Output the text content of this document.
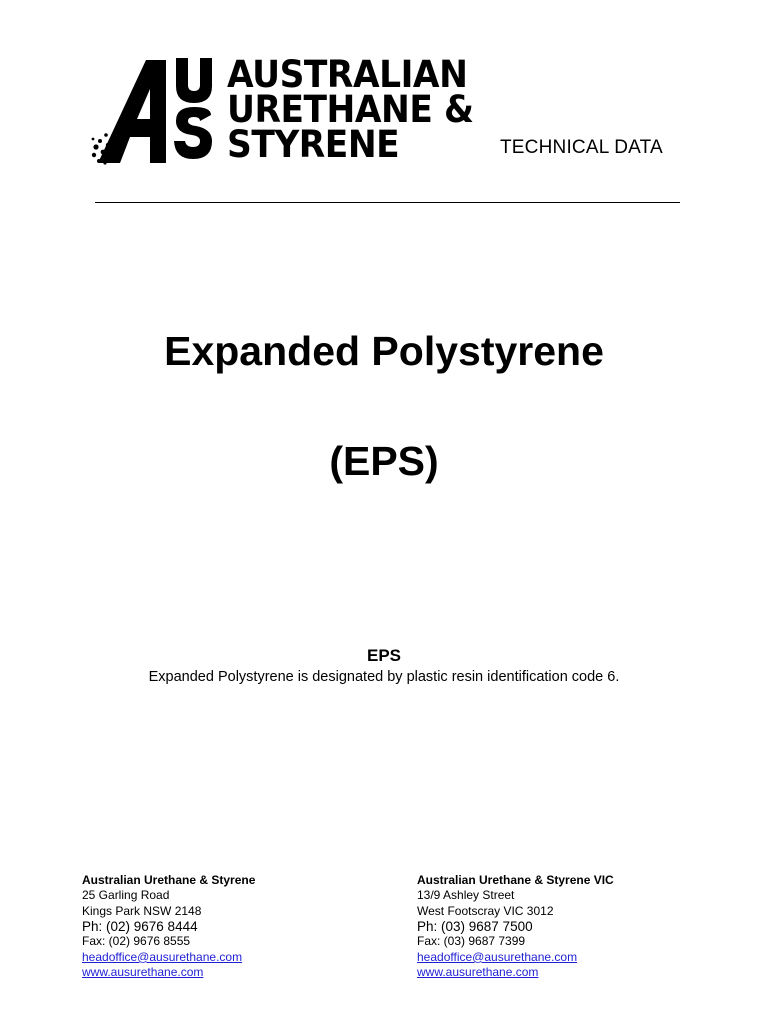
AUSTRALIAN
URETHANE &
STYRENE	TECHNICAL DATA
Expanded Polystyrene
(EPS)
EPS
Expanded Polystyrene is designated by plastic resin identification code 6.
Australian Urethane & Styrene
25 Garling Road
Kings Park NSW 2148
Ph: (02) 9676 8444
Fax: (02) 9676 8555
headoffice@ausurethane.com
www.ausurethane.com
Australian Urethane & Styrene VIC
13/9 Ashley Street
West Footscray VIC 3012
Ph: (03) 9687 7500
Fax: (03) 9687 7399
headoffice@ausurethane.com
www.ausurethane.com
